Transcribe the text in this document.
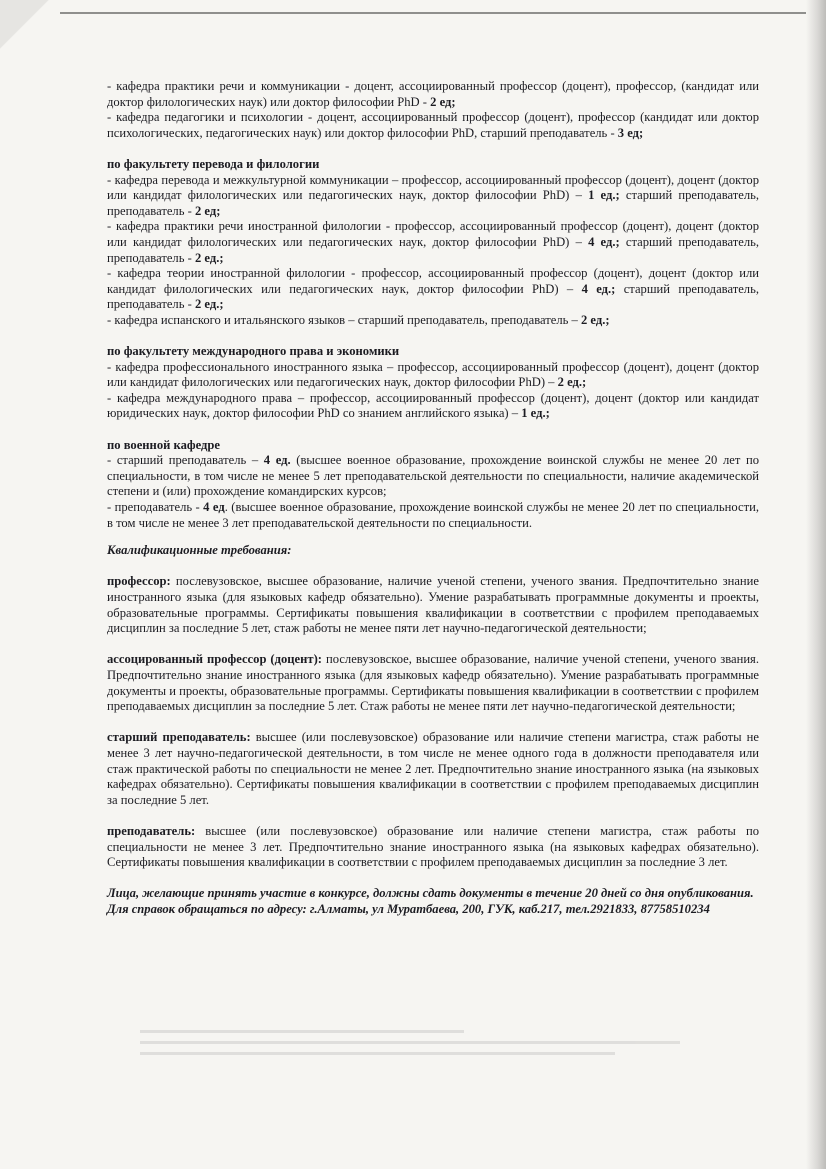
- кафедра практики речи и коммуникации - доцент, ассоциированный профессор (доцент), профессор, (кандидат или доктор филологических наук) или доктор философии PhD - 2 ед;

- кафедра педагогики и психологии - доцент, ассоциированный профессор (доцент), профессор (кандидат или доктор психологических, педагогических наук) или доктор философии PhD, старший преподаватель - 3 ед;

по факультету перевода и филологии

- кафедра перевода и межкультурной коммуникации – профессор, ассоциированный профессор (доцент), доцент (доктор или кандидат филологических или педагогических наук, доктор философии PhD) – 1 ед.; старший преподаватель, преподаватель - 2 ед;

- кафедра практики речи иностранной филологии - профессор, ассоциированный профессор (доцент), доцент (доктор или кандидат филологических или педагогических наук, доктор философии PhD) – 4 ед.; старший преподаватель, преподаватель - 2 ед.;

- кафедра теории иностранной филологии - профессор, ассоциированный профессор (доцент), доцент (доктор или кандидат филологических или педагогических наук, доктор философии PhD) – 4 ед.; старший преподаватель, преподаватель - 2 ед.;

- кафедра испанского и итальянского языков – старший преподаватель, преподаватель – 2 ед.;

по факультету международного права и экономики

- кафедра профессионального иностранного языка – профессор, ассоциированный профессор (доцент), доцент (доктор или кандидат филологических или педагогических наук, доктор философии PhD) – 2 ед.;

- кафедра международного права – профессор, ассоциированный профессор (доцент), доцент (доктор или кандидат юридических наук, доктор философии PhD со знанием английского языка) – 1 ед.;

по военной кафедре

- старший преподаватель – 4 ед. (высшее военное образование, прохождение воинской службы не менее 20 лет по специальности, в том числе не менее 5 лет преподавательской деятельности по специальности, наличие академической степени и (или) прохождение командирских курсов;

- преподаватель - 4 ед. (высшее военное образование, прохождение воинской службы не менее 20 лет по специальности, в том числе не менее 3 лет преподавательской деятельности по специальности.

Квалификационные требования:

профессор: послевузовское, высшее образование, наличие ученой степени, ученого звания. Предпочтительно знание иностранного языка (для языковых кафедр обязательно). Умение разрабатывать программные документы и проекты, образовательные программы. Сертификаты повышения квалификации в соответствии с профилем преподаваемых дисциплин за последние 5 лет, стаж работы не менее пяти лет научно-педагогической деятельности;

ассоцированный профессор (доцент): послевузовское, высшее образование, наличие ученой степени, ученого звания. Предпочтительно знание иностранного языка (для языковых кафедр обязательно). Умение разрабатывать программные документы и проекты, образовательные программы. Сертификаты повышения квалификации в соответствии с профилем преподаваемых дисциплин за последние 5 лет. Стаж работы не менее пяти лет научно-педагогической деятельности;

старший преподаватель: высшее (или послевузовское) образование или наличие степени магистра, стаж работы не менее 3 лет научно-педагогической деятельности, в том числе не менее одного года в должности преподавателя или стаж практической работы по специальности не менее 2 лет. Предпочтительно знание иностранного языка (на языковых кафедрах обязательно). Сертификаты повышения квалификации в соответствии с профилем преподаваемых дисциплин за последние 5 лет.

преподаватель: высшее (или послевузовское) образование или наличие степени магистра, стаж работы по специальности не менее 3 лет. Предпочтительно знание иностранного языка (на языковых кафедрах обязательно). Сертификаты повышения квалификации в соответствии с профилем преподаваемых дисциплин за последние 3 лет.

Лица, желающие принять участие в конкурсе, должны сдать документы в течение 20 дней со дня опубликования.

Для справок обращаться по адресу: г.Алматы, ул Муратбаева, 200, ГУК, каб.217, тел.2921833, 87758510234
